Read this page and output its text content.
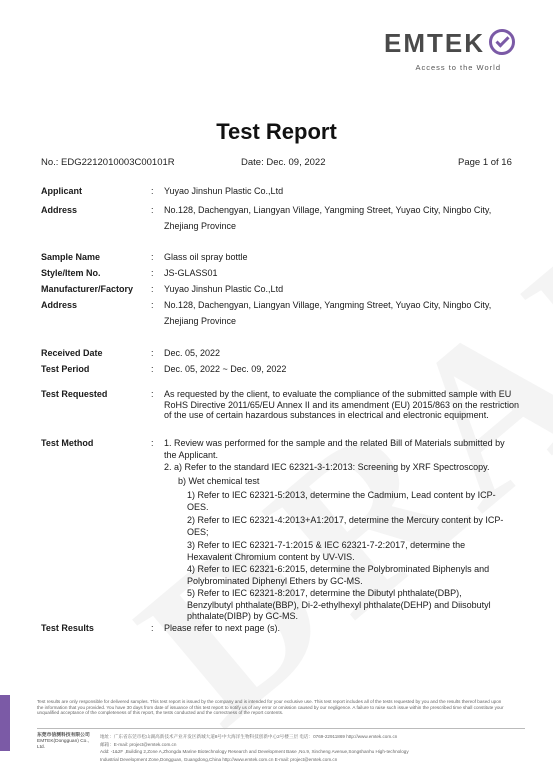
EMTEK
Access to the World
Test Report
No.: EDG2212010003C00101R	Date: Dec. 09, 2022	Page 1 of 16
Applicant	: Yuyao Jinshun Plastic Co.,Ltd
Address	: No.128, Dachengyan, Liangyan Village, Yangming Street, Yuyao City, Ningbo City,
Zhejiang Province
Sample Name	: Glass oil spray bottle
Style/Item No.	: JS-GLASS01
Manufacturer/Factory : Yuyao Jinshun Plastic Co.,Ltd
Address	: No.128, Dachengyan, Liangyan Village, Yangming Street, Yuyao City, Ningbo City,
Zhejiang Province
Received Date	: Dec. 05, 2022
Test Period	: Dec. 05, 2022 ~ Dec. 09, 2022
Test Requested	: As requested by the client, to evaluate the compliance of the submitted sample with EU RoHS Directive 2011/65/EU Annex II and its amendment (EU) 2015/863 on the restriction of the use of certain hazardous substances in electrical and electronic equipment.
Test Method	: 1. Review was performed for the sample and the related Bill of Materials submitted by the Applicant.
2. a) Refer to the standard IEC 62321-3-1:2013: Screening by XRF Spectroscopy.
b) Wet chemical test
1) Refer to IEC 62321-5:2013, determine the Cadmium, Lead content by ICP-OES.
2) Refer to IEC 62321-4:2013+A1:2017, determine the Mercury content by ICP-OES;
3) Refer to IEC 62321-7-1:2015 & IEC 62321-7-2:2017, determine the Hexavalent Chromium content by UV-VIS.
4) Refer to IEC 62321-6:2015, determine the Polybrominated Biphenyls and Polybrominated Diphenyl Ethers by GC-MS.
5) Refer to IEC 62321-8:2017, determine the Dibutyl phthalate(DBP), Benzylbutyl phthalate(BBP), Di-2-ethylhexyl phthalate(DEHP) and Diisobutyl phthalate(DIBP) by GC-MS.
Test Results	: Please refer to next page (s).
Test results are only responsible for delivered samples. This test report is issued by the company and is intended for your exclusive use. This test report includes all of the tests requested by you and the results thereof based upon the information that you provided. You have 30 days from date of issuance of this test report to notify us of any error or omission caused by our negligence. A failure to raise such issue within the prescribed time shall constitute your unqualified acceptance of the completeness of this report, the tests conducted and the correctness of the report contents.
东莞市信测科技有限公司
EMTEK(Dongguan) Co., Ltd.
地址：广东省东莞市松山湖高新技术产业开发区新城大道8号中大海洋生物科技创新中心2号楼三层 电话：0769-22911869 http://www.emtek.com.cn
邮箱：E-mail: project@emtek.com.cn
Add: -1&2F ,Building 2,Zone A,Zhongda Marine Biotechnology Research and Development Base ,No.9, Xincheng Avenue,Songshanhu High-technology
Industrial Development Zone,Dongguan, Guangdong,China http://www.emtek.com.cn E-mail: project@emtek.com.cn
